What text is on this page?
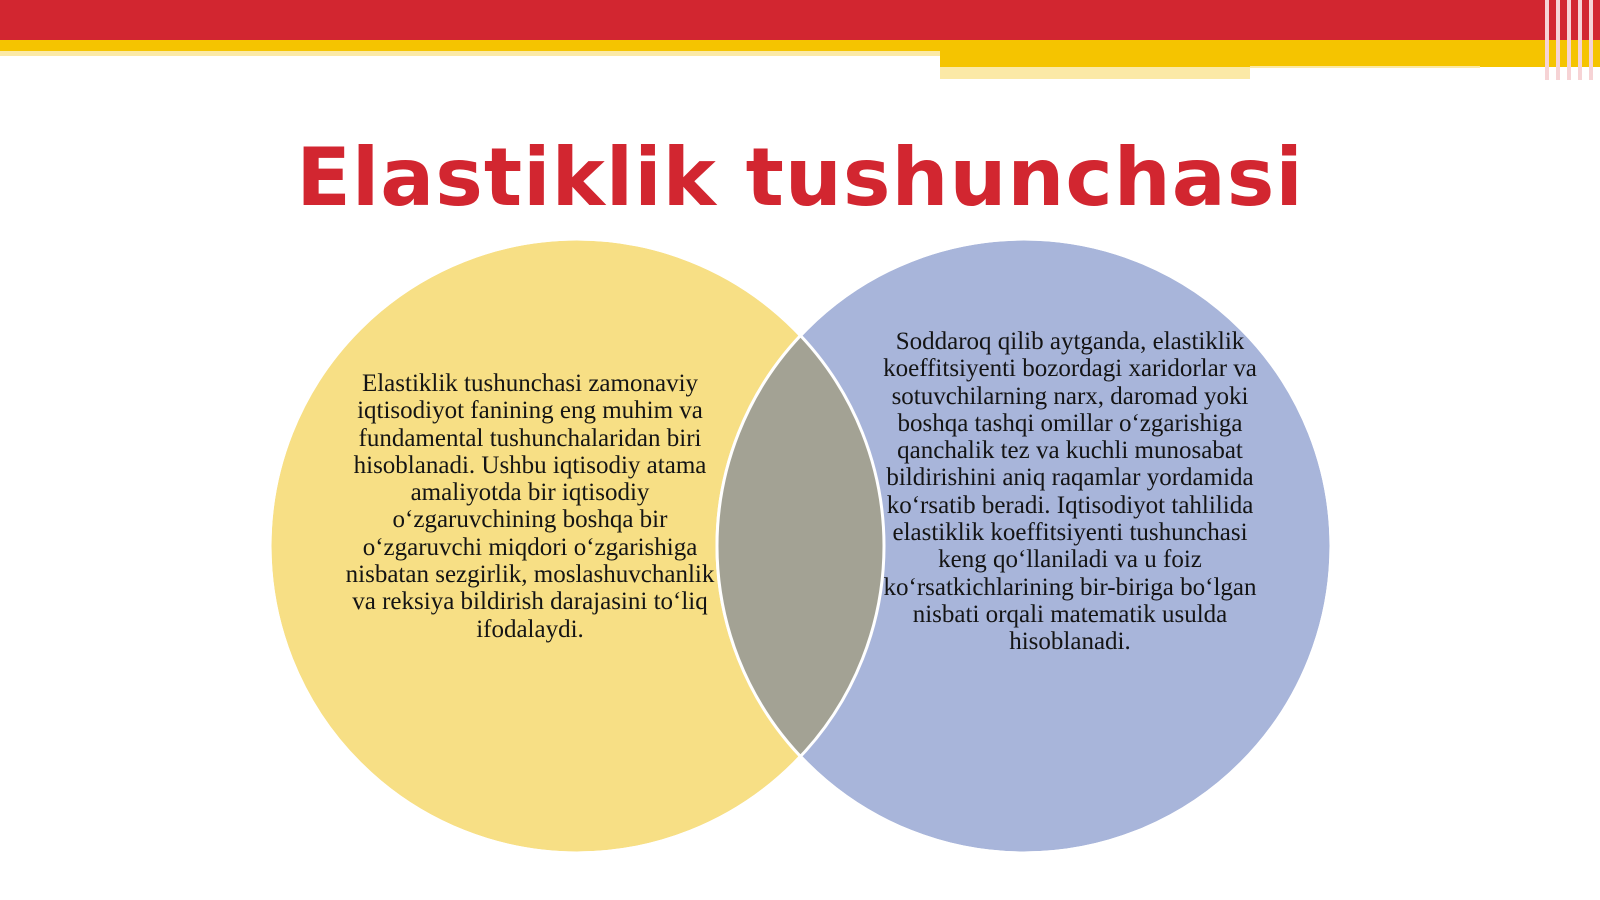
Elastiklik tushunchasi

Elastiklik tushunchasi zamonaviy iqtisodiyot fanining eng muhim va fundamental tushunchalaridan biri hisoblanadi. Ushbu iqtisodiy atama amaliyotda bir iqtisodiy o‘zgaruvchining boshqa bir o‘zgaruvchi miqdori o‘zgarishiga nisbatan sezgirlik, moslashuvchanlik va reksiya bildirish darajasini to‘liq ifodalaydi.

Soddaroq qilib aytganda, elastiklik koeffitsiyenti bozordagi xaridorlar va sotuvchilarning narx, daromad yoki boshqa tashqi omillar o‘zgarishiga qanchalik tez va kuchli munosabat bildirishini aniq raqamlar yordamida ko‘rsatib beradi. Iqtisodiyot tahlilida elastiklik koeffitsiyenti tushunchasi keng qo‘llaniladi va u foiz ko‘rsatkichlarining bir-biriga bo‘lgan nisbati orqali matematik usulda hisoblanadi.
